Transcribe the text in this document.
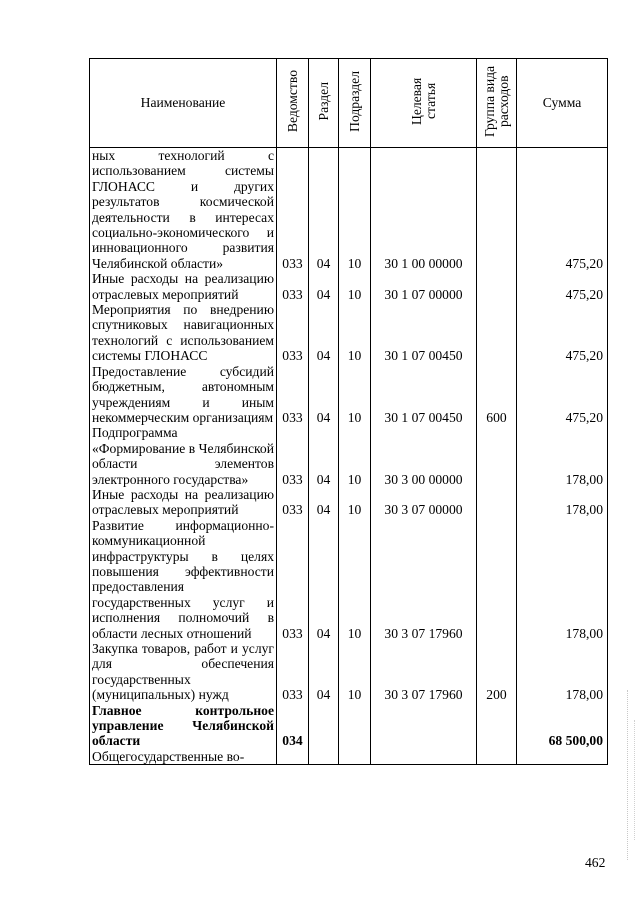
Наименование	Ведомство	Раздел	Подраздел	Целевая статья	Группа вида расходов	Сумма
ных технологий с использованием системы ГЛОНАСС и других результатов космической деятельности в интересах социально-экономического и инновационного развития Челябинской области»	033	04	10	30 1 00 00000		475,20
Иные расходы на реализацию отраслевых мероприятий	033	04	10	30 1 07 00000		475,20
Мероприятия по внедрению спутниковых навигационных технологий с использованием системы ГЛОНАСС	033	04	10	30 1 07 00450		475,20
Предоставление субсидий бюджетным, автономным учреждениям и иным некоммерческим организациям	033	04	10	30 1 07 00450	600	475,20
Подпрограмма «Формирование в Челябинской области элементов электронного государства»	033	04	10	30 3 00 00000		178,00
Иные расходы на реализацию отраслевых мероприятий	033	04	10	30 3 07 00000		178,00
Развитие информационно-коммуникационной инфраструктуры в целях повышения эффективности предоставления государственных услуг и исполнения полномочий в области лесных отношений	033	04	10	30 3 07 17960		178,00
Закупка товаров, работ и услуг для обеспечения государственных (муниципальных) нужд	033	04	10	30 3 07 17960	200	178,00
Главное контрольное управление Челябинской области	034					68 500,00
Общегосударственные во-						
462
